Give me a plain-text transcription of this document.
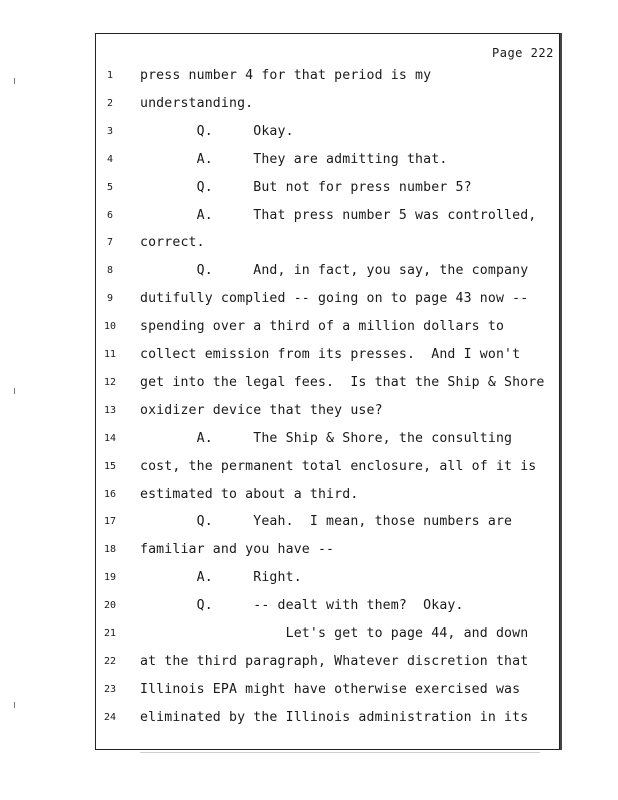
Page 222
1	press number 4 for that period is my
2	understanding.
3	Q.     Okay.
4	A.     They are admitting that.
5	Q.     But not for press number 5?
6	A.     That press number 5 was controlled,
7	correct.
8	Q.     And, in fact, you say, the company
9	dutifully complied -- going on to page 43 now --
10	spending over a third of a million dollars to
11	collect emission from its presses.  And I won't
12	get into the legal fees.  Is that the Ship & Shore
13	oxidizer device that they use?
14	A.     The Ship & Shore, the consulting
15	cost, the permanent total enclosure, all of it is
16	estimated to about a third.
17	Q.     Yeah.  I mean, those numbers are
18	familiar and you have --
19	A.     Right.
20	Q.     -- dealt with them?  Okay.
21	Let's get to page 44, and down
22	at the third paragraph, Whatever discretion that
23	Illinois EPA might have otherwise exercised was
24	eliminated by the Illinois administration in its
